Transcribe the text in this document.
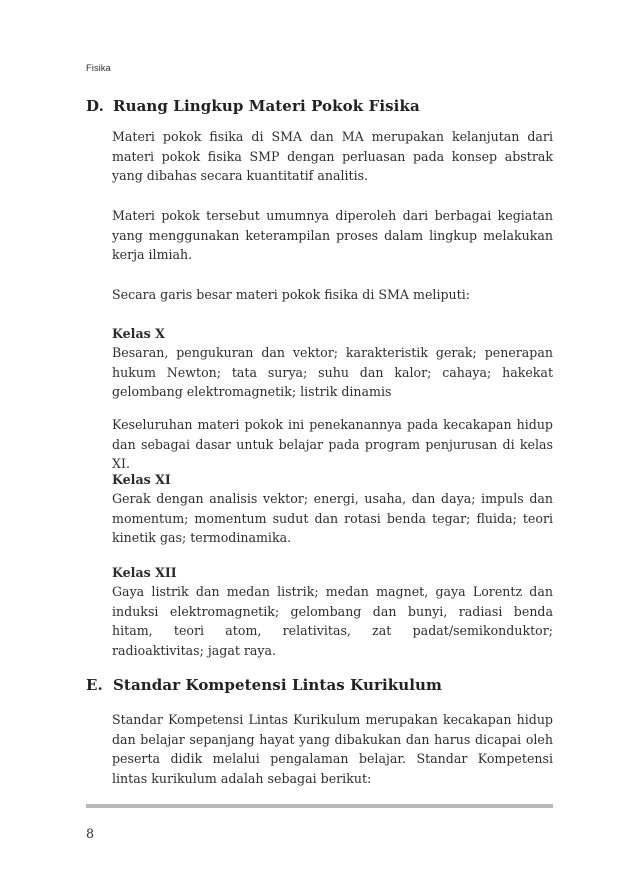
Fisika
D. Ruang Lingkup Materi Pokok Fisika

Materi pokok fisika di SMA dan MA merupakan kelanjutan dari materi pokok fisika SMP dengan perluasan pada konsep abstrak yang dibahas secara kuantitatif analitis.

Materi pokok tersebut umumnya diperoleh dari berbagai kegiatan yang menggunakan keterampilan proses dalam lingkup melakukan kerja ilmiah.

Secara garis besar materi pokok fisika di SMA meliputi:

Kelas X

Besaran, pengukuran dan vektor; karakteristik gerak; penerapan hukum Newton; tata surya; suhu dan kalor; cahaya; hakekat gelombang elektromagnetik; listrik dinamis

Keseluruhan materi pokok ini penekanannya pada kecakapan hidup dan sebagai dasar untuk belajar pada program penjurusan di kelas XI.

Kelas XI

Gerak dengan analisis vektor; energi, usaha, dan daya; impuls dan momentum; momentum sudut dan rotasi benda tegar; fluida; teori kinetik gas; termodinamika.

Kelas XII

Gaya listrik dan medan listrik; medan magnet, gaya Lorentz dan induksi elektromagnetik; gelombang dan bunyi, radiasi benda hitam, teori atom, relativitas, zat padat/semikonduktor; radioaktivitas; jagat raya.

E. Standar Kompetensi Lintas Kurikulum

Standar Kompetensi Lintas Kurikulum merupakan kecakapan hidup dan belajar sepanjang hayat yang dibakukan dan harus dicapai oleh peserta didik melalui pengalaman belajar. Standar Kompetensi lintas kurikulum adalah sebagai berikut:

8
